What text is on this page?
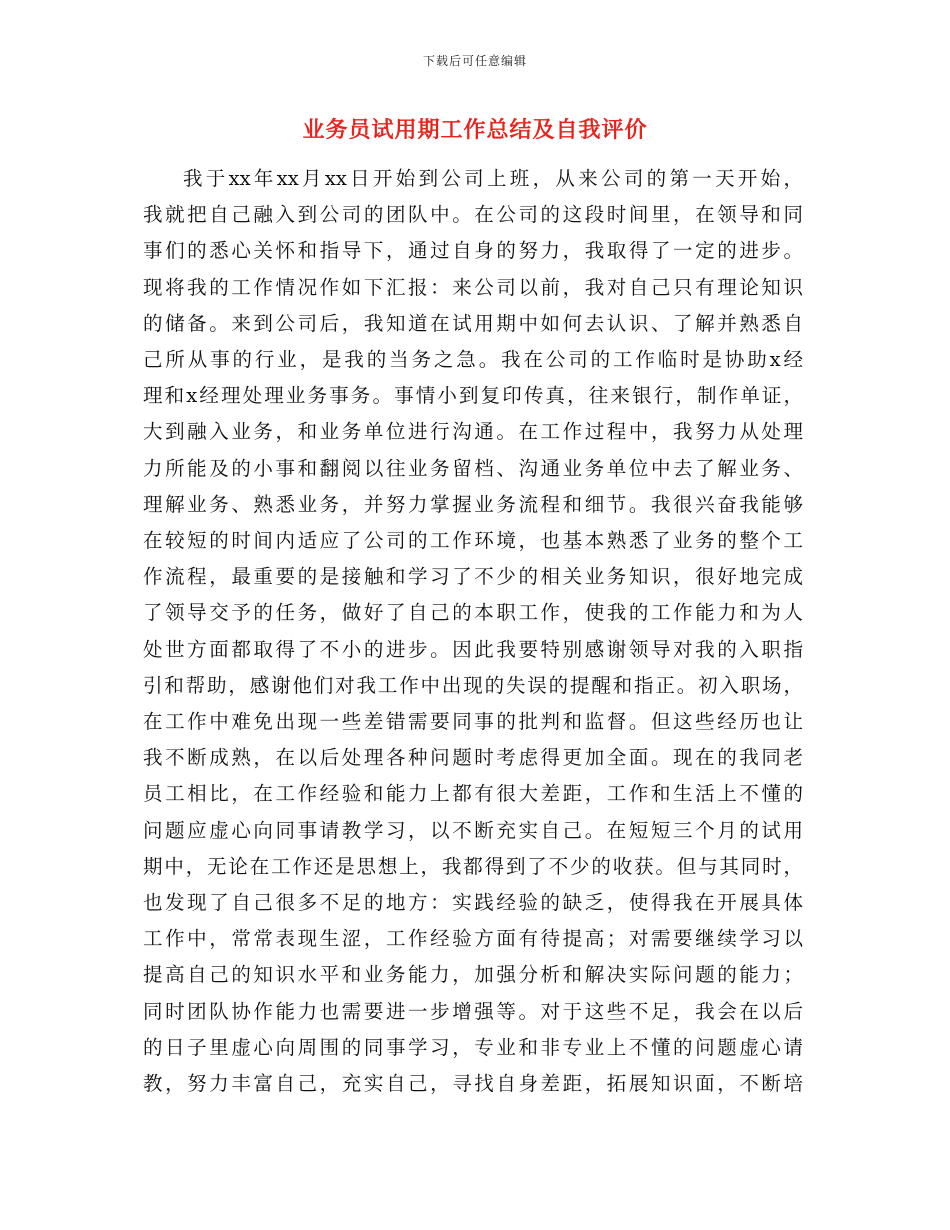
下载后可任意编辑
业务员试用期工作总结及自我评价
我于xx年xx月xx日开始到公司上班，从来公司的第一天开始，
我就把自己融入到公司的团队中。在公司的这段时间里，在领导和同
事们的悉心关怀和指导下，通过自身的努力，我取得了一定的进步。
现将我的工作情况作如下汇报：来公司以前，我对自己只有理论知识
的储备。来到公司后，我知道在试用期中如何去认识、了解并熟悉自
己所从事的行业，是我的当务之急。我在公司的工作临时是协助x经
理和x经理处理业务事务。事情小到复印传真，往来银行，制作单证，
大到融入业务，和业务单位进行沟通。在工作过程中，我努力从处理
力所能及的小事和翻阅以往业务留档、沟通业务单位中去了解业务、
理解业务、熟悉业务，并努力掌握业务流程和细节。我很兴奋我能够
在较短的时间内适应了公司的工作环境，也基本熟悉了业务的整个工
作流程，最重要的是接触和学习了不少的相关业务知识，很好地完成
了领导交予的任务，做好了自己的本职工作，使我的工作能力和为人
处世方面都取得了不小的进步。因此我要特别感谢领导对我的入职指
引和帮助，感谢他们对我工作中出现的失误的提醒和指正。初入职场，
在工作中难免出现一些差错需要同事的批判和监督。但这些经历也让
我不断成熟，在以后处理各种问题时考虑得更加全面。现在的我同老
员工相比，在工作经验和能力上都有很大差距，工作和生活上不懂的
问题应虚心向同事请教学习，以不断充实自己。在短短三个月的试用
期中，无论在工作还是思想上，我都得到了不少的收获。但与其同时，
也发现了自己很多不足的地方：实践经验的缺乏，使得我在开展具体
工作中，常常表现生涩，工作经验方面有待提高；对需要继续学习以
提高自己的知识水平和业务能力，加强分析和解决实际问题的能力；
同时团队协作能力也需要进一步增强等。对于这些不足，我会在以后
的日子里虚心向周围的同事学习，专业和非专业上不懂的问题虚心请
教，努力丰富自己，充实自己，寻找自身差距，拓展知识面，不断培
